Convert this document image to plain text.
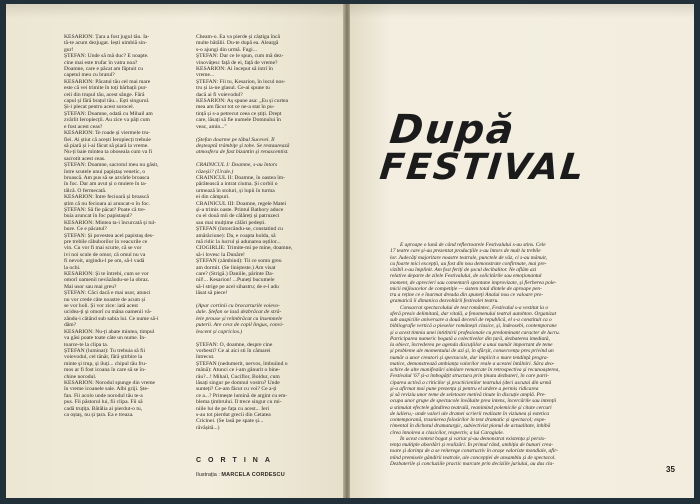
KESARION: Țara a fost jugul tău. Ia-
tă-te acum dezjugat. Iești uimbiă sin-
gur!
ȘTEFAN: Unde să mă duc? E noapte.
cine mai este trufar în vatra noa?
Doamne, care e păcat am făptuit cu
capetul meu cu bratul?
KESARION: Păcatul tău cel mai mare
este că vei trimite în toți bărbații pur-
ceii din trupul tău, acest sânge. Fără
capul și fără brațul tău... Ești singurul.
Și-i plecat pentru acest sorocel.
ȘTEFAN: Doamne, odată cu Mihail am
zvârlit Ieropiecții. Au zice va păți cum
e fost acest ceas?
KESARION: Te roade și viermele tru-
fiei. Ai știut că acești Ieropiecți trebuie
să piară și i-ai făcut să piară la vreme.
Nu-ți baie mintea ta oboseala cum va fi
sacrotit acest ceas.
ȘTEFAN: Doamne, sacrotul meu nu găsit,
între scutele unui papiștaș venetic, o
broască. Am pus să se azvârle broasca
în foc. Dar am avut și o muiere în ta-
tâlcă. O fermecată.
KESARION: Între fecioară și broască
știm că nu fecioara ai aruncat-o în foc.
ȘTEFAN: Să fie păcat? Poate că tre-
buia aruncat în foc papistașul?
KESARION: Mintea ta-i încurcată și tul-
bure. Ce e păcatul?
ȘTEFAN: Și povestea acel papistaș des-
pre trebile răbuborilor în veacurile ce
vin. Cu vor fi mai scurte, că se vor
ivi noi scule de omor, că omul nu va
fi nevoit, urgindu-l pe om, să-l vadă
la ochi.
KESARION: Și te întrebi, cum se vor
omorî oamenii nevăzându-se la obraz.
Mai usor sau mai greu?
ȘTEFAN: Căci dacă e mai usor, atunci
nu vor crede câte noastre de acum și
se vor holi. Și vor zice: iată acest
ucidea-ți și omorî cu mâna oamenii vă-
zându-i câtând sub sabia lui. Ce nume să-i
dăm?
KESARION: Nu-ți abate mintea, timpul
va găsi poate toate câte un nume. În-
toarce-te la clipa ta.
ȘTEFAN (luminat): Tu trebuia să fii
voievodul, cel tânăr, fără știrbire la
minte și trup, și iluți... chipul tău fru-
mos ar fi fost icoana în care să se în-
chine norodul.
KESARION: Norodul spunge din vreme
în vreme icoanele sale. Albi griji. Ște-
fan. Fii acolo unde norodul tău te-a
pus. Fii păstorul lui, fii clipa. Fii să
cadă truțița. Bătălia ai pierdut-o tu,
ca oștaș, nu și țara. Ea e treaza.
Cheam-o. Ea va pierde și câștiga încă
multe bătălii. Du-te după ea. Aleargă
s-o ajungi din urmă. Fugi...
ȘTEFAN: Dar ce le spun, cum mă dez-
vinovățesc față de ei, față de vreme?
KESARION: Ai început să intri în
vreme...
ȘTEFAN: Fii tu, Kesarion, în locul nos-
tru și ia-ne glasul. Ce-ai spune tu
dacă ai fi voievodul?
KESARION: Aș spune asa: „Eu și curtea
mea am făcut tot ce ne-a stat în pu-
tință și s-a petrecut ceea ce știți. Drept
care, lăsați să fie numele Domnului în
veac, amin..."

(Ștefan doarme pe tăbul Sucevei. Îl
deșteaptă trâmbiţe și tobe. Se restaurează
atmosfera de fast bizantin și renascentist.

CRAINICUL I: Doamne, s-au întors
răzeșii? (Urale.)
CRAINICUL II: Doamne, în oastea îm-
părătească a intrat ciuma. Și corbii o
urmează în stoluri, și lupii în turma
ei din câmpuri.
CRAINICUL III: Doamne, regele Matei
și-a trimis oaste. Printul Bathory aduce
cu el două mii de călăreți și patruzeci
sau mai mulțime călări pedești.
ȘTEFAN (întorcându-se, constatind cu
amărăciune): Da, e coapta holda, să
mă ridic la lucrul și adunarea oștilor...
CIOGIRLIE: Trimite-mi pe mine, doamne,
să-i lovesc la Dunăre!
ȘTEFAN (zâmbind): Tii ce somn greu
am dormit. (Se linișteste.) Am visat
care? (Strigă.) Daniile, pârinte Da-
nil!... Kesarion! ...Puneți bucumele
să-l strige pe acel sihastru; de e-l adu
lăsat să piece!

(Apar cortinii cu brocarturile voievo-
dale. Ștefan se lasă dezbrăcat de stră-
lele prouse și reîmbrăcat cu însemnele
puterii. Are cevz de copil lingus, convi-
lescent și capricios.)

ȘTEFAN: O, doamne, despre cine
vorbesti? Ce ai aici sti în cămarei
întrecut.
ȘTEFAN (nedumerit, nervos, îmbuiind o
mână): Atunci ce i-am gânurit o bine-
rău?...! Mihail, Cuciflor, Boldur, cum
lăsați singur pe domnul vostru? Unde
sunteți? Ce-am făcut cu voi? Ce a-ți
ce a...? Primește lumină de argint cu em-
blema ţimbrului. Îl trece singur cu mi-
niile lui de pe fața cu acest... Ieri
s-au tot pierdut grecii din Cetatea
Cricinei. (Se lasă pe spate și...
răvășită...)
CORTINA
Ilustrația : MARCELA CORDESCU
După
FESTIVAL
E aproape o lună de când reflectoarele Festivalului s-au stins. Cele
17 teatre care și-au prezentat producțiile s-au întors de mult la trebile
lor. Judecăți majoritare noastre teatrale, punctele de văz, ci s-au mânuit,
cu foarte mici excepții, au fost din nou demonstrate confirmate, mai pre-
vizibil s-au împlinit. Am fost feriți de șocul decibalitor. Ne aflăm azi
relative departe de zilele Festivalului, de solicitările sau emoționantul
moment, de aprecieri sau comentarii spontane improvizate, și fierberea pole-
micii mijloacelor de competiție — sistem total dintele de aproape pen-
tru a reține ce e înarmat dreada din spuneți Analui nou ce valoare pro-
gramatică îi dimanica dezvoltării festivalei teatru.
Consacrat spectacolului de test romântec, Festivalul s-a vestitut la o
sferă presiv delimitată, dar vitală, a fenomenului teatral autohton. Organizat
sub auspiciile aniversare a două decenii de republică, el s-a constituit ca o
bibliografie vertică a pieselor românești clasice, și, îndeosebi, contemporane
și a acest timnia unei intitlnirii profesionale cu predominant caracter de lucru.
Participarea numeric bogată a colectivelor din țară, dezbaterea imediată,
la obiect, încrederea pe agenda discuțiilor a unui număr important de teme
și probleme ale momentului de azi și, în sfârșit, consecvența pres privind un
număr a unor creatori și spectacole, dar implicit o mare tendinţă progra-
matice, demonstrează ambianța valorilor reale a acestei întâlniri. Sâra deo-
schire de alte manifestări similare remarcate în retrospectiva și recunoașterea,
Festivalul '67 și-a îmbogățit structura prin ținuta dezbateri, în care parti-
ciparea activă a criticilor și practicienilor teatrului (deci ascutai din urmă
și-a afirmat mai pune prezența și pentru el urdere a permis ridicarea
și să reviziu unor teme de seletoare metivă tinute în discuție amplă. Pre-
ocupa unor grupe de spectacole învăluite prea intens, încercările sau intenții
a stimulat efectele gândirea teatrală, reanimind polemicile și citate cercuri
de iulieru,- unde valori ale dramei scrierii realizate în viziunea și estetica
contemporană, trasnierea folosirilor în text dramatic și spectacol; expe-
rimental în dichotul dramaturgic, subiectivist pionul de actualitate, inhibă
cîrea înnoirea a clasicilor, respectiv, a lui Caragiale.
În acest context bogat și variat și-au demonstrat existența și persis-
tența multiple abordări și realizări. În primul rând, ambiția de bunuri crea-
toare și dorința de a se reiterege constructiv în orașe valoriste mondiale, afir-
mînd premisele gândirii teatrale, ale concepției de ansamblu și de spectacol.
Dezbaterile și concluziile practic marcate prin deciziile juriului, au dus cla-
35
